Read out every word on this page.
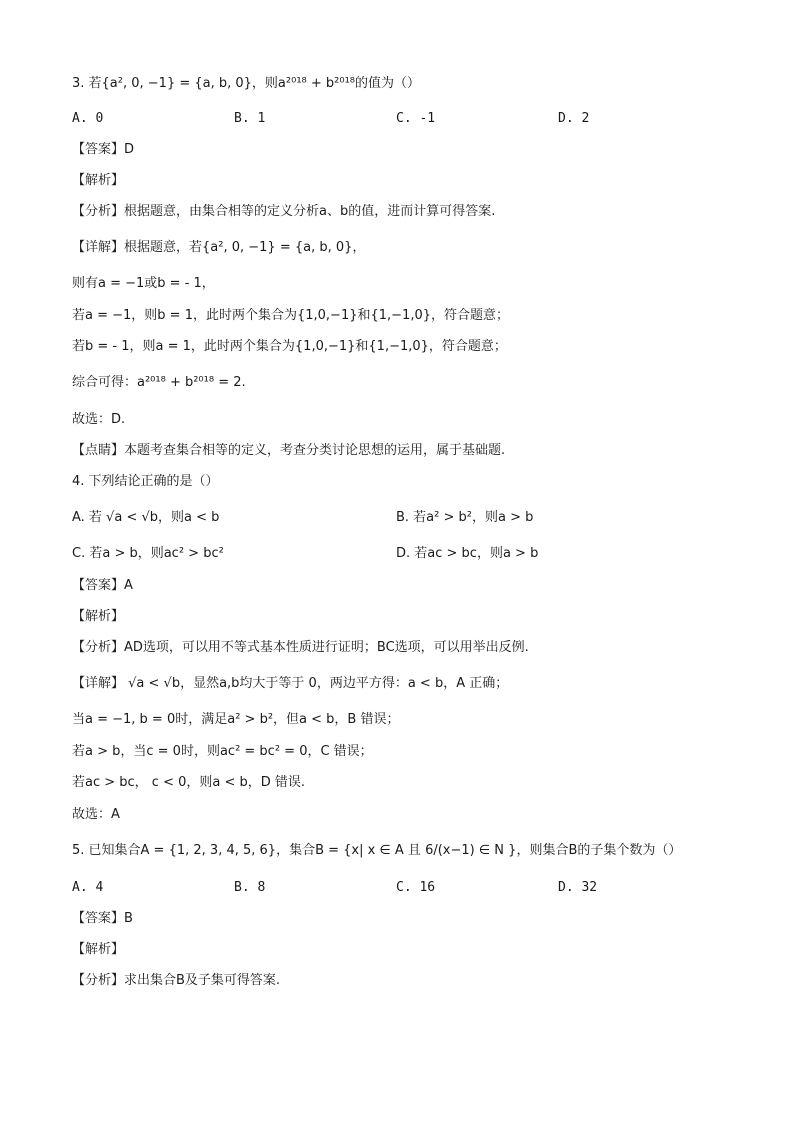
3. 若{a², 0, −1} = {a, b, 0}，则a²⁰¹⁸ + b²⁰¹⁸的值为（）
A. 0	B. 1	C. -1	D. 2
【答案】D
【解析】
【分析】根据题意，由集合相等的定义分析a、b的值，进而计算可得答案.
【详解】根据题意，若{a², 0, −1} = {a, b, 0}，
则有a = −1或b = - 1，
若a = −1，则b = 1，此时两个集合为{1,0,−1}和{1,−1,0}，符合题意；
若b = - 1，则a = 1，此时两个集合为{1,0,−1}和{1,−1,0}，符合题意；
综合可得：a²⁰¹⁸ + b²⁰¹⁸ = 2.
故选：D.
【点睛】本题考查集合相等的定义，考查分类讨论思想的运用，属于基础题.
4. 下列结论正确的是（）
A. 若 √a < √b，则a < b	B. 若a² > b²，则a > b
C. 若a > b，则ac² > bc²	D. 若ac > bc，则a > b
【答案】A
【解析】
【分析】AD选项，可以用不等式基本性质进行证明；BC选项，可以用举出反例.
【详解】 √a < √b，显然a,b均大于等于 0，两边平方得：a < b，A 正确；
当a = −1, b = 0时，满足a² > b²，但a < b，B 错误；
若a > b，当c = 0时，则ac² = bc² = 0，C 错误；
若ac > bc， c < 0，则a < b，D 错误.
故选：A
5. 已知集合A = {1, 2, 3, 4, 5, 6}，集合B = {x| x ∈ A 且 6/(x−1) ∈ N }，则集合B的子集个数为（）
A. 4	B. 8	C. 16	D. 32
【答案】B
【解析】
【分析】求出集合B及子集可得答案.
